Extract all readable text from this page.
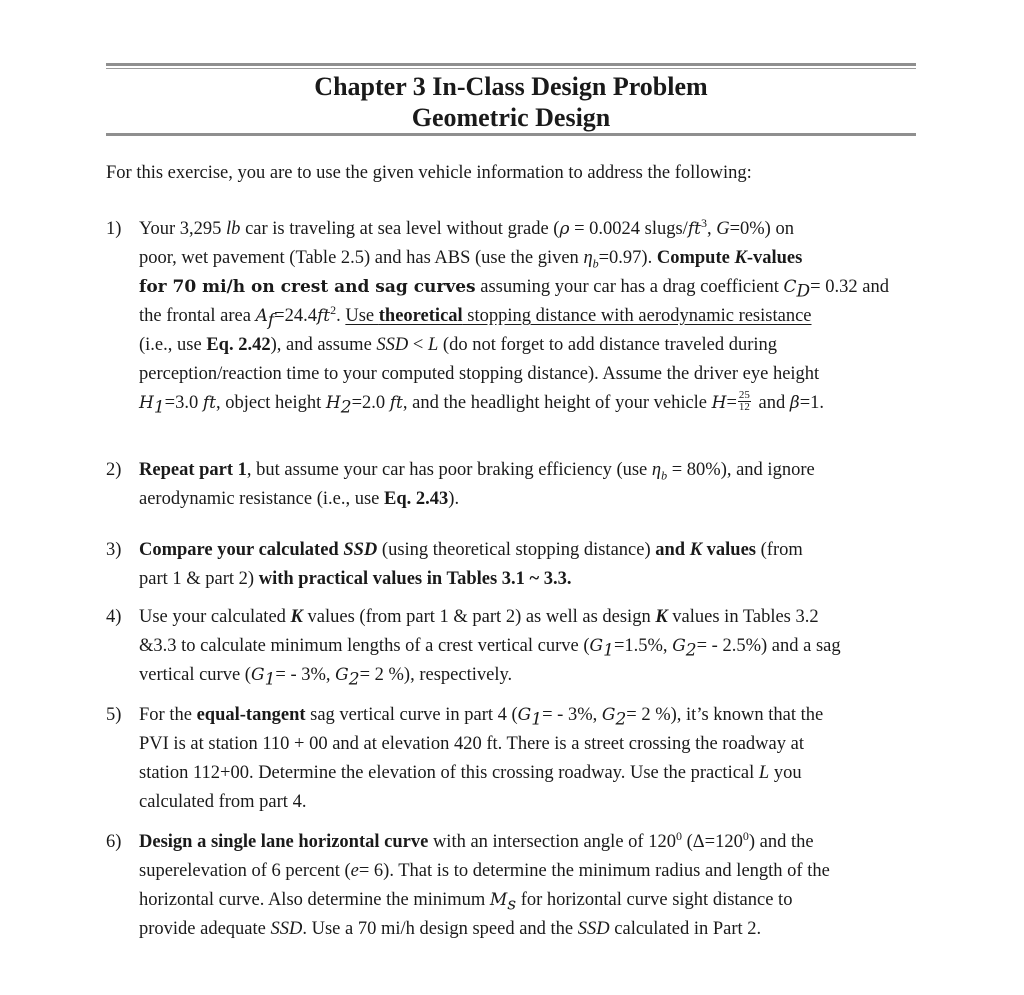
Chapter 3 In-Class Design Problem
Geometric Design
For this exercise, you are to use the given vehicle information to address the following:
1) Your 3,295 lb car is traveling at sea level without grade (ρ = 0.0024 slugs/$ft^3$, G=0%) on
poor, wet pavement (Table 2.5) and has ABS (use the given $\eta_b=0.97$). Compute K-values
for 70 mi/h on crest and sag curves assuming your car has a drag coefficient $C_D= 0.32$ and
the frontal area $A_f=24.4ft^2$. Use theoretical stopping distance with aerodynamic resistance
(i.e., use Eq. 2.42), and assume SSD < L (do not forget to add distance traveled during
perception/reaction time to your computed stopping distance). Assume the driver eye height
$H_1=3.0$ ft, object height $H_2=2.0$ ft, and the headlight height of your vehicle $H= \frac{25}{12}$ and β=1.
2) Repeat part 1, but assume your car has poor braking efficiency (use $\eta_b = 80\%$), and ignore
aerodynamic resistance (i.e., use Eq. 2.43).
3) Compare your calculated SSD (using theoretical stopping distance) and K values (from
part 1 & part 2) with practical values in Tables 3.1 ~ 3.3.
4) Use your calculated K values (from part 1 & part 2) as well as design K values in Tables 3.2
&3.3 to calculate minimum lengths of a crest vertical curve ($G_1=1.5\%$, $G_2= - 2.5\%$) and a sag
vertical curve ($G_1= - 3\%$, $G_2= 2$ %), respectively.
5) For the equal-tangent sag vertical curve in part 4 ($G_1= - 3\%$, $G_2= 2$ %), it’s known that the
PVI is at station 110 + 00 and at elevation 420 ft. There is a street crossing the roadway at
station 112+00. Determine the elevation of this crossing roadway. Use the practical L you
calculated from part 4.
6) Design a single lane horizontal curve with an intersection angle of $120^0$ $(\Delta=120^0)$ and the
superelevation of 6 percent (e= 6). That is to determine the minimum radius and length of the
horizontal curve. Also determine the minimum $M_s$ for horizontal curve sight distance to
provide adequate SSD. Use a 70 mi/h design speed and the SSD calculated in Part 2.
